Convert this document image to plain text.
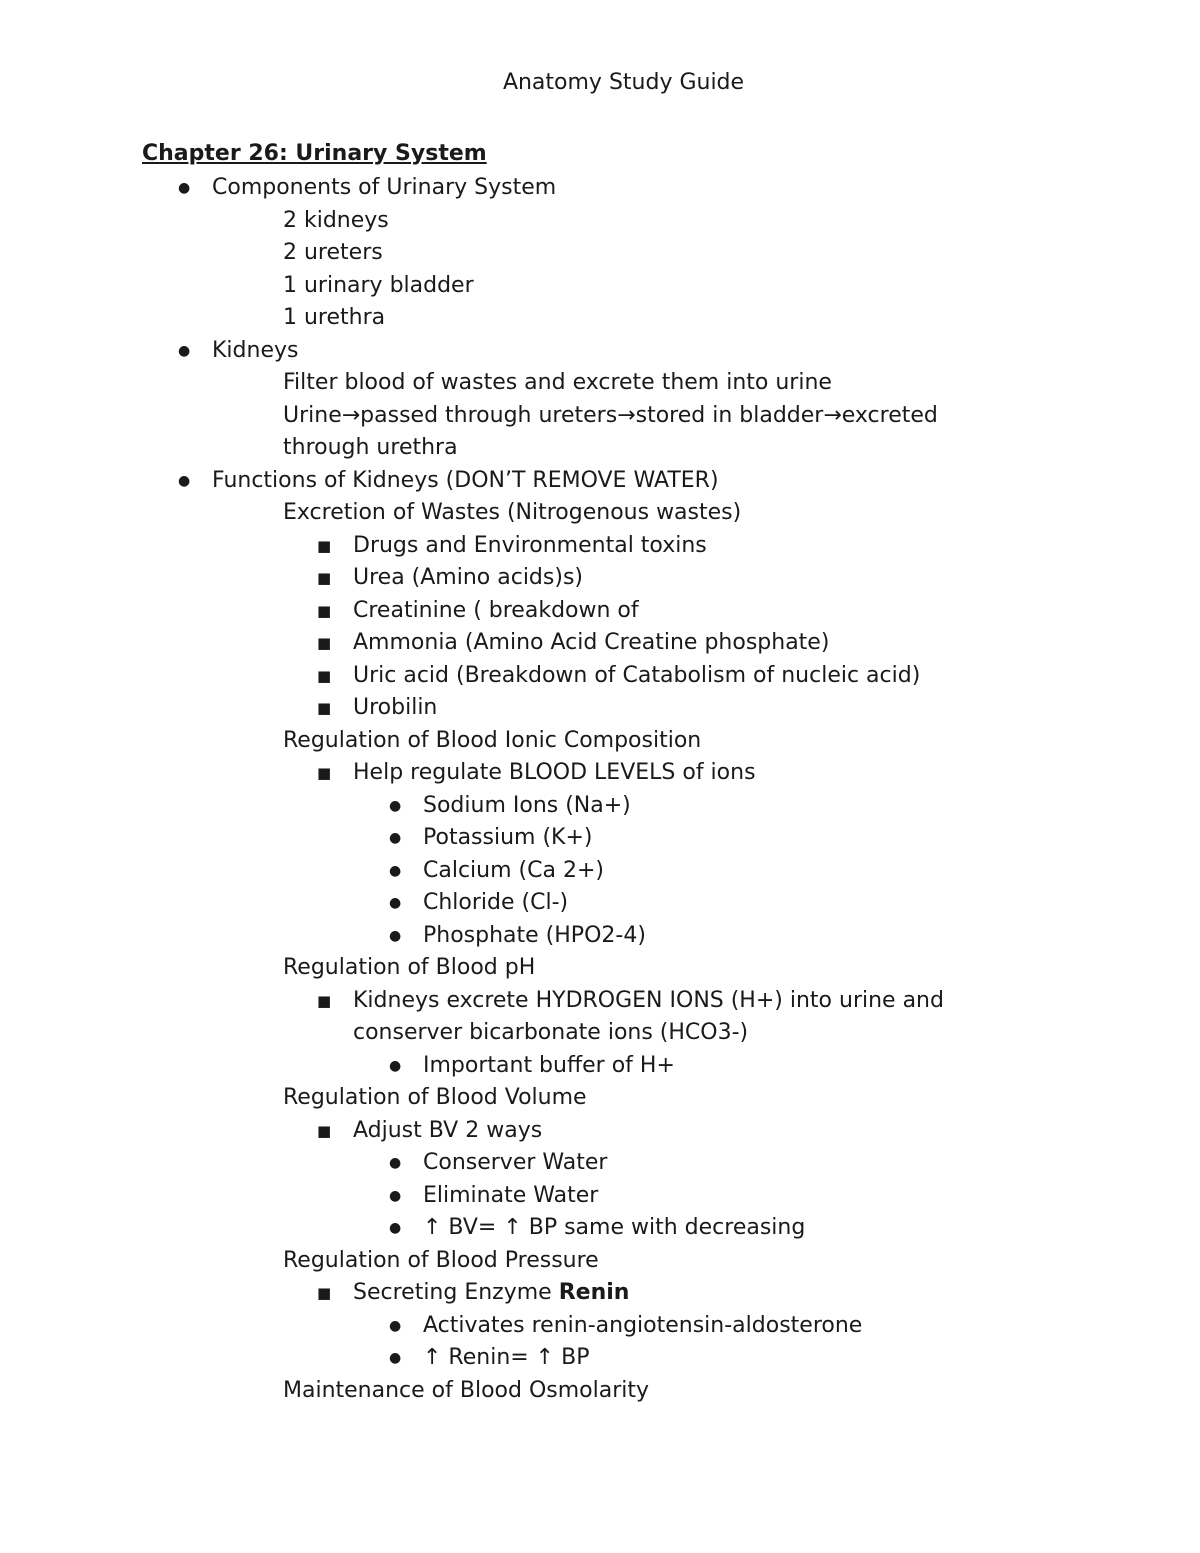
Anatomy Study Guide
Chapter 26: Urinary System
● Components of Urinary System
2 kidneys
2 ureters
1 urinary bladder
1 urethra
● Kidneys
Filter blood of wastes and excrete them into urine
Urine→passed through ureters→stored in bladder→excreted through urethra
● Functions of Kidneys (DON’T REMOVE WATER)
Excretion of Wastes (Nitrogenous wastes)
■ Drugs and Environmental toxins
■ Urea (Amino acids)s)
■ Creatinine ( breakdown of
■ Ammonia (Amino Acid Creatine phosphate)
■ Uric acid (Breakdown of Catabolism of nucleic acid)
■ Urobilin
Regulation of Blood Ionic Composition
■ Help regulate BLOOD LEVELS of ions
● Sodium Ions (Na+)
● Potassium (K+)
● Calcium (Ca 2+)
● Chloride (Cl-)
● Phosphate (HPO2-4)
Regulation of Blood pH
■ Kidneys excrete HYDROGEN IONS (H+) into urine and conserver bicarbonate ions (HCO3-)
● Important buffer of H+
Regulation of Blood Volume
■ Adjust BV 2 ways
● Conserver Water
● Eliminate Water
● ↑ BV= ↑ BP same with decreasing
Regulation of Blood Pressure
■ Secreting Enzyme Renin
● Activates renin-angiotensin-aldosterone
● ↑ Renin= ↑ BP
Maintenance of Blood Osmolarity
